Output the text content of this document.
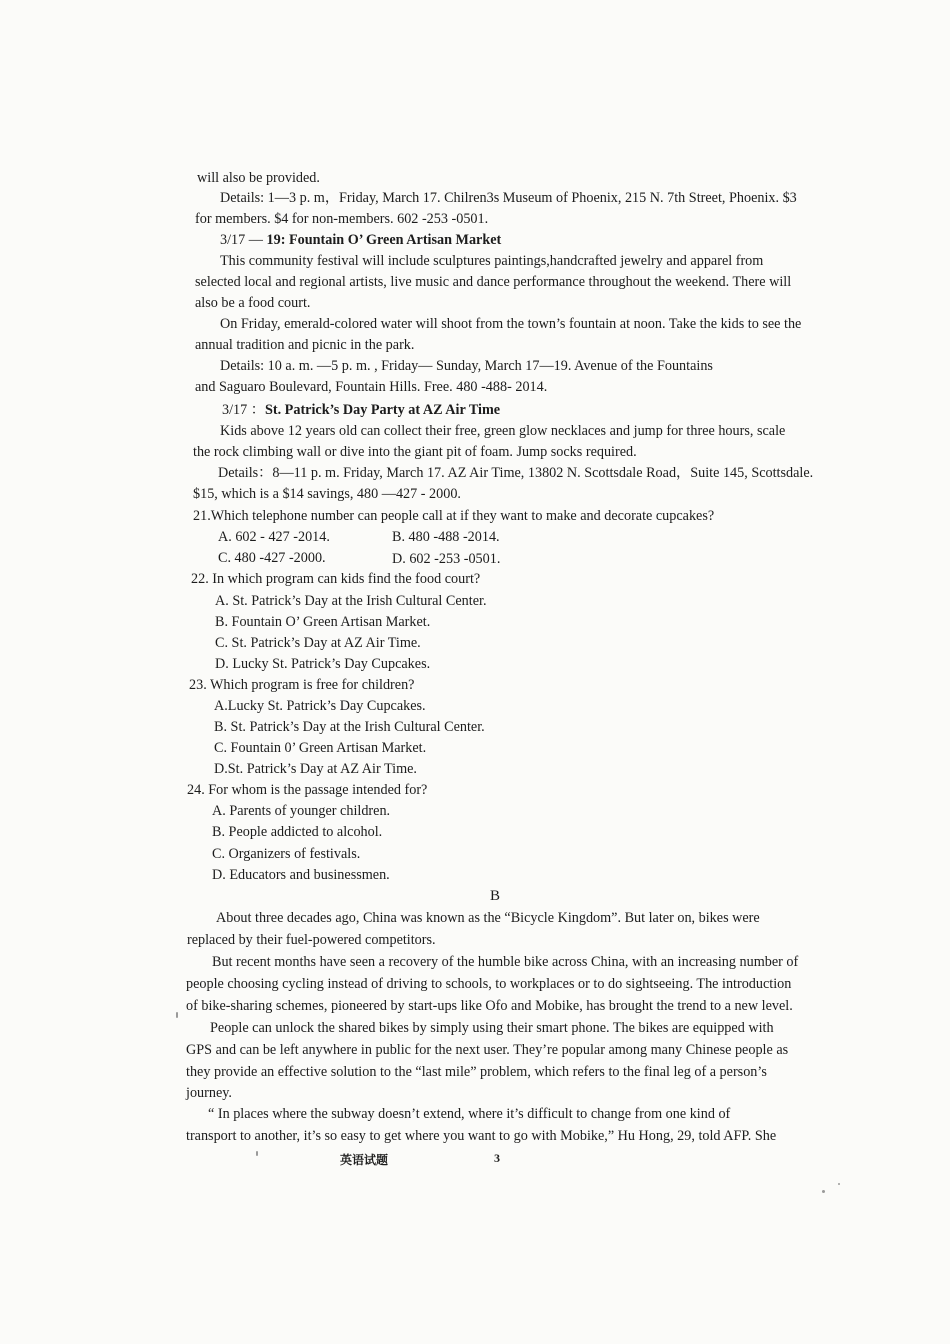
will also be provided.
Details: 1—3 p. m，Friday, March 17. Chilren3s Museum of Phoenix, 215 N. 7th Street, Phoenix. $3
for members. $4 for non-members. 602 -253 -0501.
3/17 — 19: Fountain O’ Green Artisan Market
This community festival will include sculptures paintings,handcrafted jewelry and apparel from
selected local and regional artists, live music and dance performance throughout the weekend. There will
also be a food court.
On Friday, emerald-colored water will shoot from the town’s fountain at noon. Take the kids to see the
annual tradition and picnic in the park.
Details: 10 a. m. —5 p. m. , Friday— Sunday, March 17—19. Avenue of the Fountains
and Saguaro Boulevard, Fountain Hills. Free. 480 -488- 2014.
3/17 ：St. Patrick’s Day Party at AZ Air Time
Kids above 12 years old can collect their free, green glow necklaces and jump for three hours, scale
the rock climbing wall or dive into the giant pit of foam. Jump socks required.
Details：8—11 p. m. Friday, March 17. AZ Air Time, 13802 N. Scottsdale Road，Suite 145, Scottsdale.
$15, which is a $14 savings, 480 —427 - 2000.
21.Which telephone number can people call at if they want to make and decorate cupcakes?
A. 602 - 427 -2014.	B. 480 -488 -2014.
C. 480 -427 -2000.	D. 602 -253 -0501.
22. In which program can kids find the food court?
A. St. Patrick’s Day at the Irish Cultural Center.
B. Fountain O’ Green Artisan Market.
C. St. Patrick’s Day at AZ Air Time.
D. Lucky St. Patrick’s Day Cupcakes.
23. Which program is free for children?
A.Lucky St. Patrick’s Day Cupcakes.
B. St. Patrick’s Day at the Irish Cultural Center.
C. Fountain 0’ Green Artisan Market.
D.St. Patrick’s Day at AZ Air Time.
24. For whom is the passage intended for?
A. Parents of younger children.
B. People addicted to alcohol.
C. Organizers of festivals.
D. Educators and businessmen.
B
About three decades ago, China was known as the “Bicycle Kingdom”. But later on, bikes were
replaced by their fuel-powered competitors.
But recent months have seen a recovery of the humble bike across China, with an increasing number of
people choosing cycling instead of driving to schools, to workplaces or to do sightseeing. The introduction
of bike-sharing schemes, pioneered by start-ups like Ofo and Mobike, has brought the trend to a new level.
People can unlock the shared bikes by simply using their smart phone. The bikes are equipped with
GPS and can be left anywhere in public for the next user. They’re popular among many Chinese people as
they provide an effective solution to the “last mile” problem, which refers to the final leg of a person’s
journey.
“ In places where the subway doesn’t extend, where it’s difficult to change from one kind of
transport to another, it’s so easy to get where you want to go with Mobike,” Hu Hong, 29, told AFP. She
英语试题	3
